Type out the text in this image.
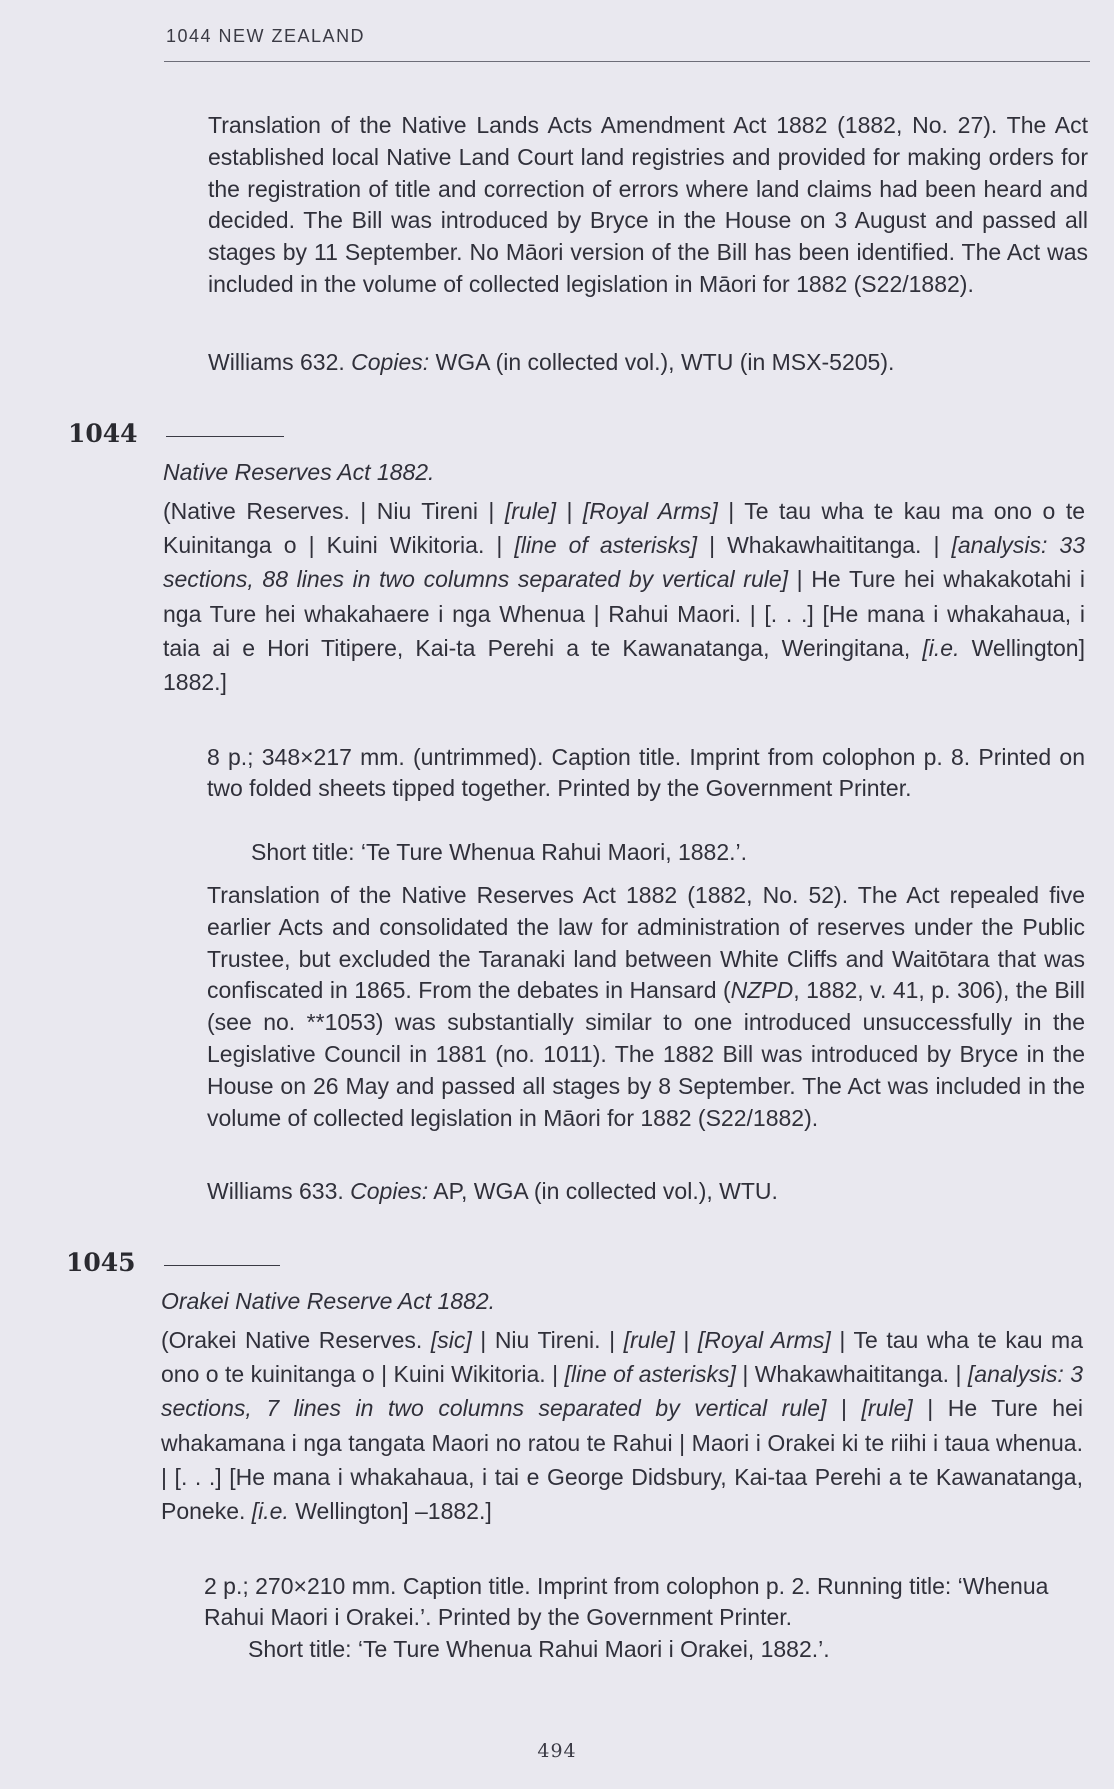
1044 NEW ZEALAND

Translation of the Native Lands Acts Amendment Act 1882 (1882, No. 27). The Act established local Native Land Court land registries and provided for making orders for the registration of title and correction of errors where land claims had been heard and decided. The Bill was introduced by Bryce in the House on 3 August and passed all stages by 11 September. No Māori version of the Bill has been identified. The Act was included in the volume of collected legislation in Māori for 1882 (S22/1882).

Williams 632. Copies: WGA (in collected vol.), WTU (in MSX-5205).

1044

Native Reserves Act 1882.

(Native Reserves. | Niu Tireni | [rule] | [Royal Arms] | Te tau wha te kau ma ono o te Kuinitanga o | Kuini Wikitoria. | [line of asterisks] | Whakawhaititanga. | [analysis: 33 sections, 88 lines in two columns separated by vertical rule] | He Ture hei whakakotahi i nga Ture hei whakahaere i nga Whenua | Rahui Maori. | [. . .] [He mana i whakahaua, i taia ai e Hori Titipere, Kai-ta Perehi a te Kawanatanga, Weringitana, [i.e. Wellington] 1882.]

8 p.; 348×217 mm. (untrimmed). Caption title. Imprint from colophon p. 8. Printed on two folded sheets tipped together. Printed by the Government Printer.

Short title: ‘Te Ture Whenua Rahui Maori, 1882.’.

Translation of the Native Reserves Act 1882 (1882, No. 52). The Act repealed five earlier Acts and consolidated the law for administration of reserves under the Public Trustee, but excluded the Taranaki land between White Cliffs and Waitōtara that was confiscated in 1865. From the debates in Hansard (NZPD, 1882, v. 41, p. 306), the Bill (see no. **1053) was substantially similar to one introduced unsuccessfully in the Legislative Council in 1881 (no. 1011). The 1882 Bill was introduced by Bryce in the House on 26 May and passed all stages by 8 September. The Act was included in the volume of collected legislation in Māori for 1882 (S22/1882).

Williams 633. Copies: AP, WGA (in collected vol.), WTU.

1045

Orakei Native Reserve Act 1882.

(Orakei Native Reserves. [sic] | Niu Tireni. | [rule] | [Royal Arms] | Te tau wha te kau ma ono o te kuinitanga o | Kuini Wikitoria. | [line of asterisks] | Whakawhaititanga. | [analysis: 3 sections, 7 lines in two columns separated by vertical rule] | [rule] | He Ture hei whakamana i nga tangata Maori no ratou te Rahui | Maori i Orakei ki te riihi i taua whenua. | [. . .] [He mana i whakahaua, i tai e George Didsbury, Kai-taa Perehi a te Kawanatanga, Poneke. [i.e. Wellington] –1882.]

2 p.; 270×210 mm. Caption title. Imprint from colophon p. 2. Running title: ‘Whenua Rahui Maori i Orakei.’. Printed by the Government Printer.

Short title: ‘Te Ture Whenua Rahui Maori i Orakei, 1882.’.

494
